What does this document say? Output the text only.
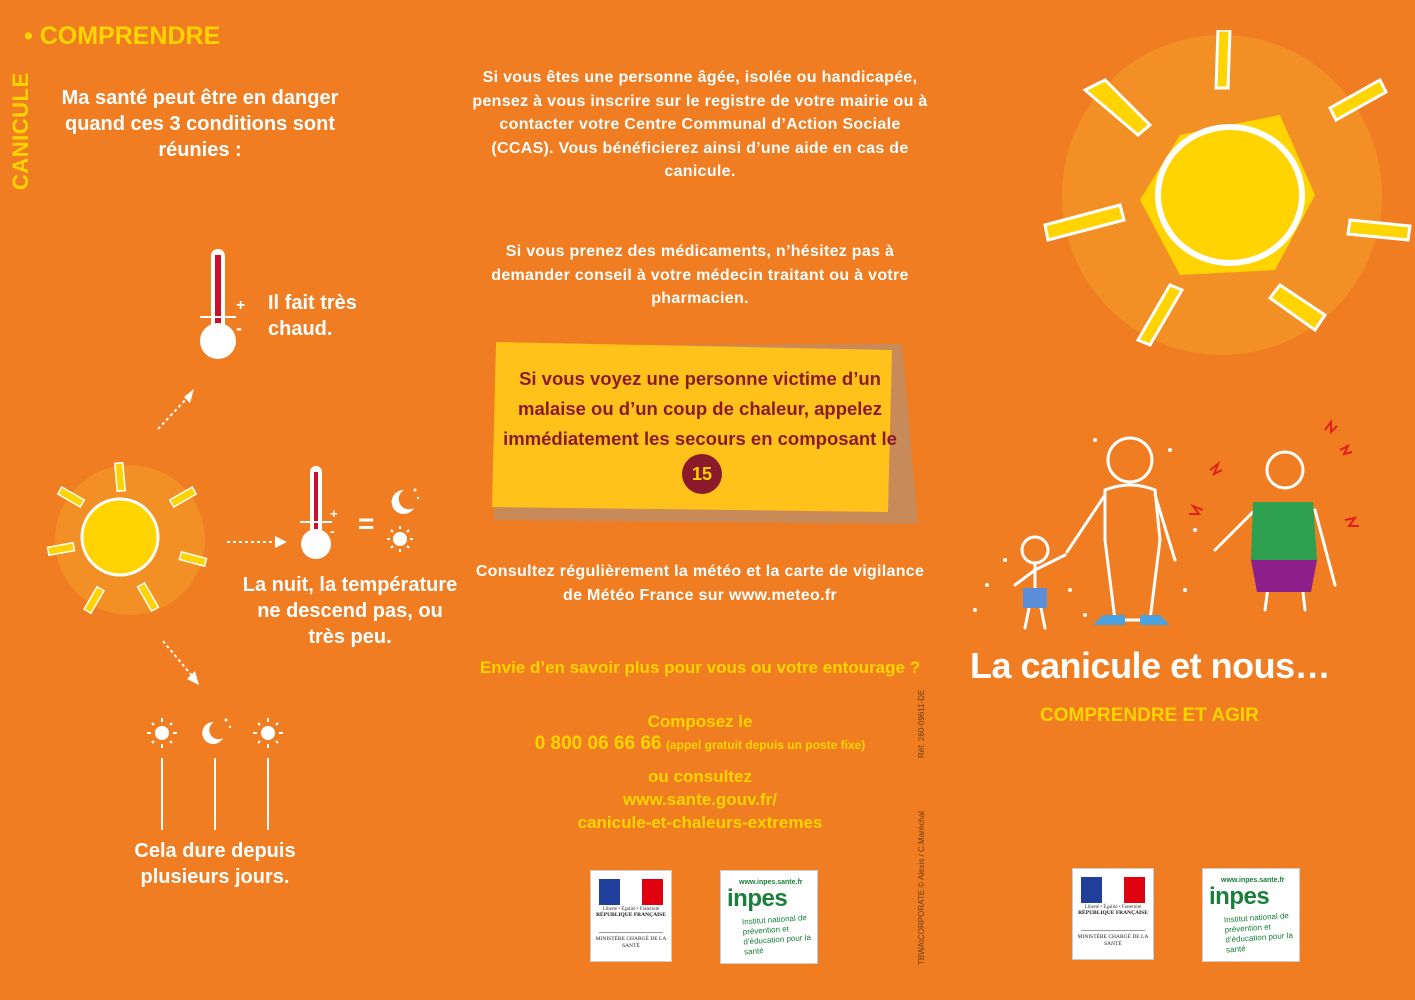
CANICULE
• COMPRENDRE
Ma santé peut être en danger quand ces 3 conditions sont réunies :
+
-
Il fait très chaud.
+
- =
La nuit, la température ne descend pas, ou très peu.
Cela dure depuis plusieurs jours.
Si vous êtes une personne âgée, isolée ou handicapée, pensez à vous inscrire sur le registre de votre mairie ou à contacter votre Centre Communal d’Action Sociale (CCAS). Vous bénéficierez ainsi d’une aide en cas de canicule.
Si vous prenez des médicaments, n’hésitez pas à demander conseil à votre médecin traitant ou à votre pharmacien.
Si vous voyez une personne victime d’un malaise ou d’un coup de chaleur, appelez immédiatement les secours en composant le 15
Consultez régulièrement la météo et la carte de vigilance de Météo France sur www.meteo.fr
Envie d’en savoir plus pour vous ou votre entourage ?
Composez le
0 800 06 66 66 (appel gratuit depuis un poste fixe)
ou consultez
www.sante.gouv.fr/
canicule-et-chaleurs-extremes
Réf. 260-09611-DE
TBWA\CORPORATE © Alexis / C.Maréchal
Liberté • Égalité • Fraternité
RÉPUBLIQUE FRANÇAISE
MINISTÈRE CHARGÉ DE LA SANTÉ
www.inpes.sante.fr
inpes
Institut national de prévention et d’éducation pour la santé
La canicule et nous…
COMPRENDRE ET AGIR
Liberté • Égalité • Fraternité
RÉPUBLIQUE FRANÇAISE
MINISTÈRE CHARGÉ DE LA SANTÉ
www.inpes.sante.fr
inpes
Institut national de prévention et d’éducation pour la santé
